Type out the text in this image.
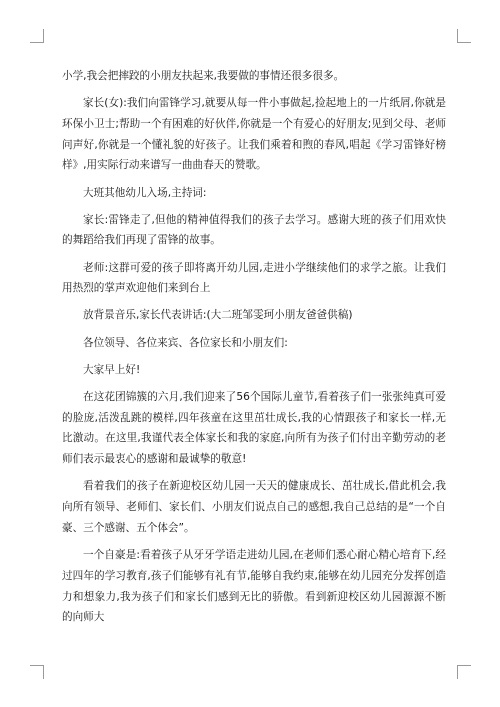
小学,我会把摔跤的小朋友扶起来,我要做的事情还很多很多。

家长(女):我们向雷锋学习,就要从每一件小事做起,捡起地上的一片纸屑,你就是环保小卫士;帮助一个有困难的好伙伴,你就是一个有爱心的好朋友;见到父母、老师问声好,你就是一个懂礼貌的好孩子。让我们乘着和煦的春风,唱起《学习雷锋好榜样》,用实际行动来谱写一曲曲春天的赞歌。

大班其他幼儿入场,主持词:

家长:雷锋走了,但他的精神值得我们的孩子去学习。感谢大班的孩子们用欢快的舞蹈给我们再现了雷锋的故事。

老师:这群可爱的孩子即将离开幼儿园,走进小学继续他们的求学之旅。让我们用热烈的掌声欢迎他们来到台上

放背景音乐,家长代表讲话:(大二班邹雯珂小朋友爸爸供稿)

各位领导、各位来宾、各位家长和小朋友们:

大家早上好!

在这花团锦簇的六月,我们迎来了56个国际儿童节,看着孩子们一张张纯真可爱的脸庞,活泼乱跳的模样,四年孩童在这里茁壮成长,我的心情跟孩子和家长一样,无比激动。在这里,我谨代表全体家长和我的家庭,向所有为孩子们付出辛勤劳动的老师们表示最衷心的感谢和最诚挚的敬意!

看着我们的孩子在新迎校区幼儿园一天天的健康成长、茁壮成长,借此机会,我向所有领导、老师们、家长们、小朋友们说点自己的感想,我自己总结的是“一个自豪、三个感谢、五个体会”。

一个自豪是:看着孩子从牙牙学语走进幼儿园,在老师们悉心耐心精心培育下,经过四年的学习教育,孩子们能够有礼有节,能够自我约束,能够在幼儿园充分发挥创造力和想象力,我为孩子们和家长们感到无比的骄傲。看到新迎校区幼儿园源源不断的向师大
